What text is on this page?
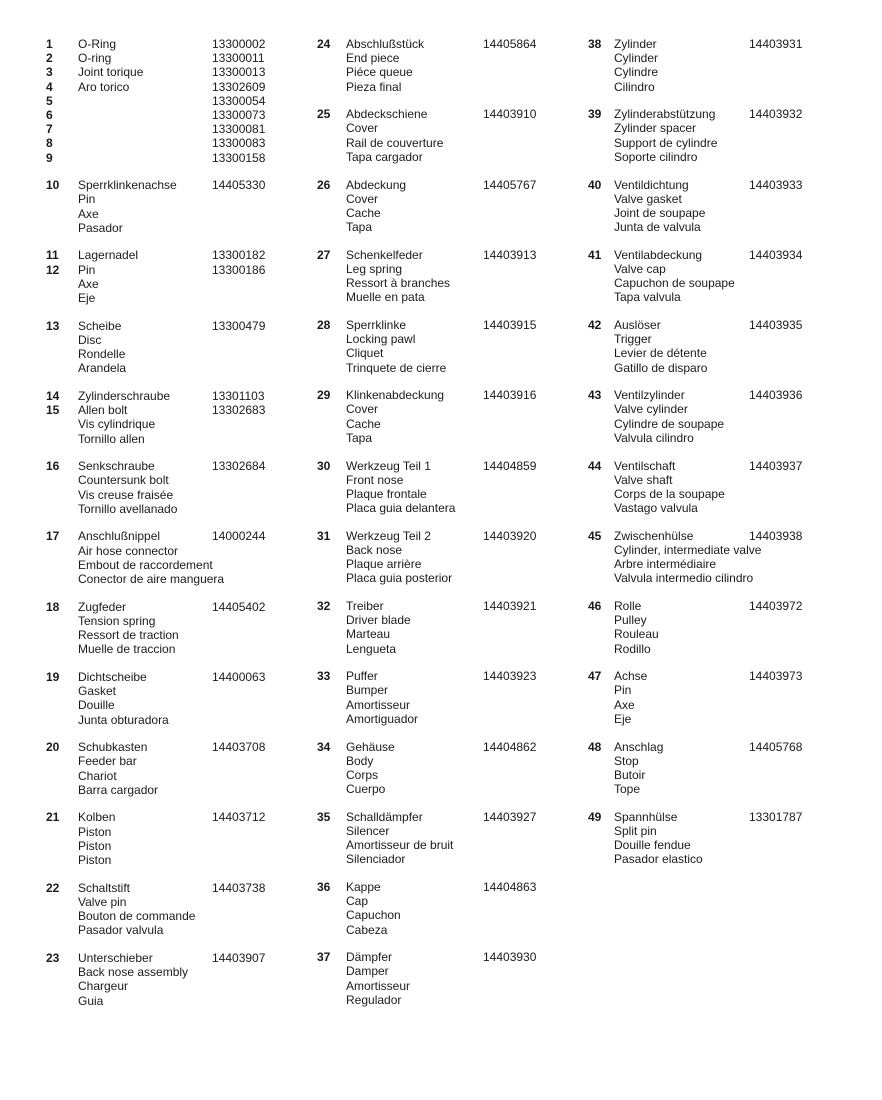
1 O-Ring	13300002
2 O-ring	13300011
3 Joint torique	13300013
4 Aro torico	13302609
5	13300054
6	13300073
7	13300081
8	13300083
9	13300158
10 Sperrklinkenachse	14405330
Pin
Axe
Pasador
11 Lagernadel	13300182
12 Pin	13300186
Axe
Eje
13 Scheibe	13300479
Disc
Rondelle
Arandela
14 Zylinderschraube	13301103
15 Allen bolt	13302683
Vis cylindrique
Tornillo allen
16 Senkschraube	13302684
Countersunk bolt
Vis creuse fraisée
Tornillo avellanado
17 Anschlußnippel	14000244
Air hose connector
Embout de raccordement
Conector de aire manguera
18 Zugfeder	14405402
Tension spring
Ressort de traction
Muelle de traccion
19 Dichtscheibe	14400063
Gasket
Douille
Junta obturadora
20 Schubkasten	14403708
Feeder bar
Chariot
Barra cargador
21 Kolben	14403712
Piston
Piston
Piston
22 Schaltstift	14403738
Valve pin
Bouton de commande
Pasador valvula
23 Unterschieber	14403907
Back nose assembly
Chargeur
Guia
24 Abschlußstück	14405864
End piece
Piéce queue
Pieza final
25 Abdeckschiene	14403910
Cover
Rail de couverture
Tapa cargador
26 Abdeckung	14405767
Cover
Cache
Tapa
27 Schenkelfeder	14403913
Leg spring
Ressort à branches
Muelle en pata
28 Sperrklinke	14403915
Locking pawl
Cliquet
Trinquete de cierre
29 Klinkenabdeckung	14403916
Cover
Cache
Tapa
30 Werkzeug Teil 1	14404859
Front nose
Plaque frontale
Placa guia delantera
31 Werkzeug Teil 2	14403920
Back nose
Plaque arrière
Placa guia posterior
32 Treiber	14403921
Driver blade
Marteau
Lengueta
33 Puffer	14403923
Bumper
Amortisseur
Amortiguador
34 Gehäuse	14404862
Body
Corps
Cuerpo
35 Schalldämpfer	14403927
Silencer
Amortisseur de bruit
Silenciador
36 Kappe	14404863
Cap
Capuchon
Cabeza
37 Dämpfer	14403930
Damper
Amortisseur
Regulador
38 Zylinder	14403931
Cylinder
Cylindre
Cilindro
39 Zylinderabstützung	14403932
Zylinder spacer
Support de cylindre
Soporte cilindro
40 Ventildichtung	14403933
Valve gasket
Joint de soupape
Junta de valvula
41 Ventilabdeckung	14403934
Valve cap
Capuchon de soupape
Tapa valvula
42 Auslöser	14403935
Trigger
Levier de détente
Gatillo de disparo
43 Ventilzylinder	14403936
Valve cylinder
Cylindre de soupape
Valvula cilindro
44 Ventilschaft	14403937
Valve shaft
Corps de la soupape
Vastago valvula
45 Zwischenhülse	14403938
Cylinder, intermediate valve
Arbre intermédiaire
Valvula intermedio cilindro
46 Rolle	14403972
Pulley
Rouleau
Rodillo
47 Achse	14403973
Pin
Axe
Eje
48 Anschlag	14405768
Stop
Butoir
Tope
49 Spannhülse	13301787
Split pin
Douille fendue
Pasador elastico
